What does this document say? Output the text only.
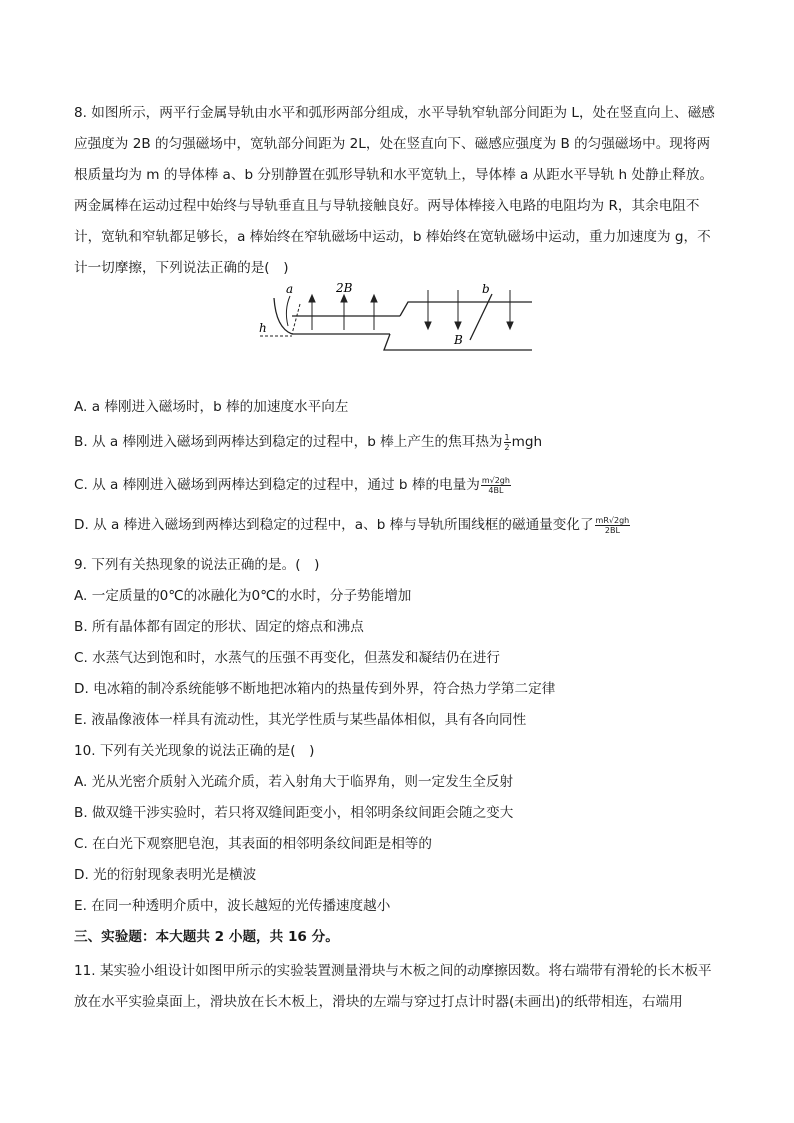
8. 如图所示，两平行金属导轨由水平和弧形两部分组成，水平导轨窄轨部分间距为 L，处在竖直向上、磁感应强度为 2B 的匀强磁场中，宽轨部分间距为 2L，处在竖直向下、磁感应强度为 B 的匀强磁场中。现将两根质量均为 m 的导体棒 a、b 分别静置在弧形导轨和水平宽轨上，导体棒 a 从距水平导轨 h 处静止释放。两金属棒在运动过程中始终与导轨垂直且与导轨接触良好。两导体棒接入电路的电阻均为 R，其余电阻不计，宽轨和窄轨都足够长，a 棒始终在窄轨磁场中运动，b 棒始终在宽轨磁场中运动，重力加速度为 g，不计一切摩擦，下列说法正确的是(　)
a	2B	b
B
h
A. a 棒刚进入磁场时，b 棒的加速度水平向左
B. 从 a 棒刚进入磁场到两棒达到稳定的过程中，b 棒上产生的焦耳热为 $\frac{1}{2}$ mgh
C. 从 a 棒刚进入磁场到两棒达到稳定的过程中，通过 b 棒的电量为 $\frac{m√2gh}{4BL}$
D. 从 a 棒进入磁场到两棒达到稳定的过程中，a、b 棒与导轨所围线框的磁通量变化了 $\frac{mR√2gh}{2BL}$
9. 下列有关热现象的说法正确的是。(　)
A. 一定质量的0℃的冰融化为0℃的水时，分子势能增加
B. 所有晶体都有固定的形状、固定的熔点和沸点
C. 水蒸气达到饱和时，水蒸气的压强不再变化，但蒸发和凝结仍在进行
D. 电冰箱的制冷系统能够不断地把冰箱内的热量传到外界，符合热力学第二定律
E. 液晶像液体一样具有流动性，其光学性质与某些晶体相似，具有各向同性
10. 下列有关光现象的说法正确的是(　)
A. 光从光密介质射入光疏介质，若入射角大于临界角，则一定发生全反射
B. 做双缝干涉实验时，若只将双缝间距变小，相邻明条纹间距会随之变大
C. 在白光下观察肥皂泡，其表面的相邻明条纹间距是相等的
D. 光的衍射现象表明光是横波
E. 在同一种透明介质中，波长越短的光传播速度越小
三、实验题：本大题共 2 小题，共 16 分。
11. 某实验小组设计如图甲所示的实验装置测量滑块与木板之间的动摩擦因数。将右端带有滑轮的长木板平放在水平实验桌面上，滑块放在长木板上，滑块的左端与穿过打点计时器(未画出)的纸带相连，右端用
